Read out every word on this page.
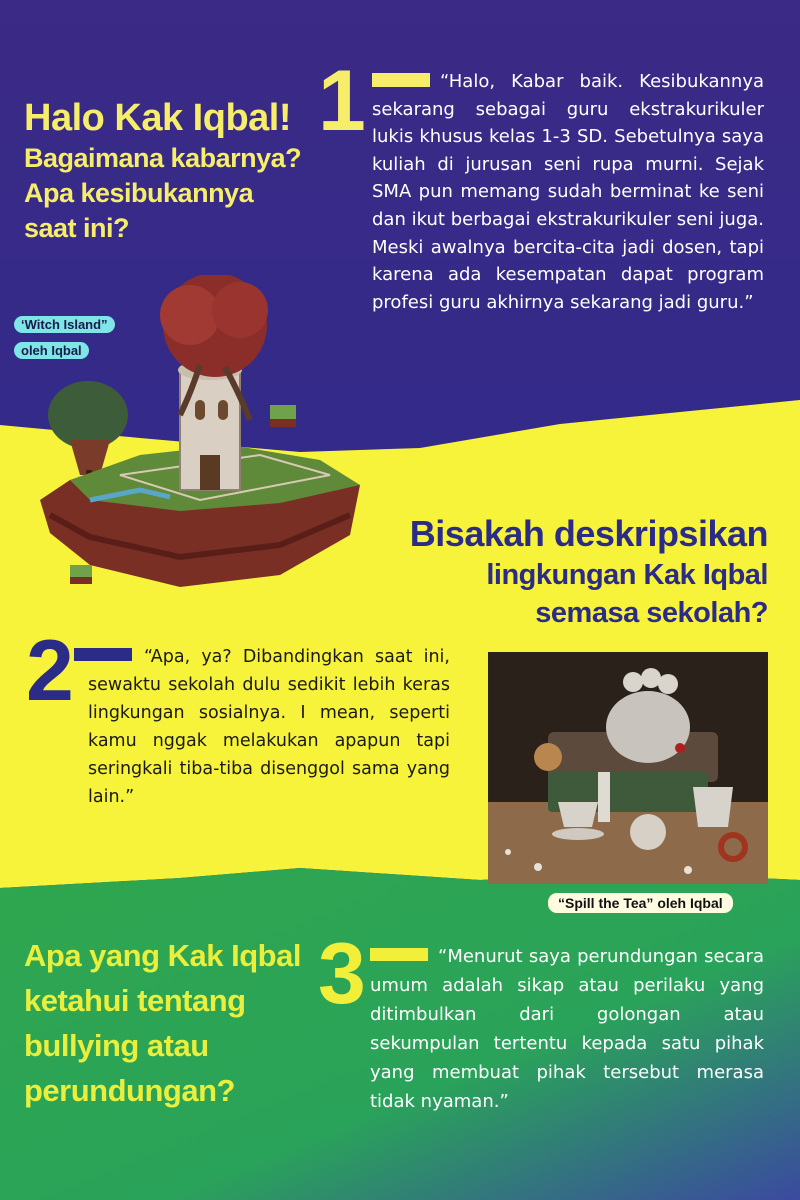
Halo Kak Iqbal!
Bagaimana kabarnya?
Apa kesibukannya
saat ini?
1	“Halo, Kabar baik. Kesibukannya sekarang sebagai guru ekstrakurikuler lukis khusus kelas 1-3 SD. Sebetulnya saya kuliah di jurusan seni rupa murni. Sejak SMA pun memang sudah berminat ke seni dan ikut berbagai ekstrakurikuler seni juga. Meski awalnya bercita-cita jadi dosen, tapi karena ada kesempatan dapat program profesi guru akhirnya sekarang jadi guru.”

‘Witch Island”
oleh Iqbal
Bisakah deskripsikan
lingkungan Kak Iqbal
semasa sekolah?
2	“Apa, ya? Dibandingkan saat ini, sewaktu sekolah dulu sedikit lebih keras lingkungan sosialnya. I mean, seperti kamu nggak melakukan apapun tapi seringkali tiba-tiba disenggol sama yang lain.”

“Spill the Tea” oleh Iqbal
Apa yang Kak Iqbal
ketahui tentang
bullying atau
perundungan?
3	“Menurut saya perundungan secara umum adalah sikap atau perilaku yang ditimbulkan dari golongan atau sekumpulan tertentu kepada satu pihak yang membuat pihak tersebut merasa tidak nyaman.”
